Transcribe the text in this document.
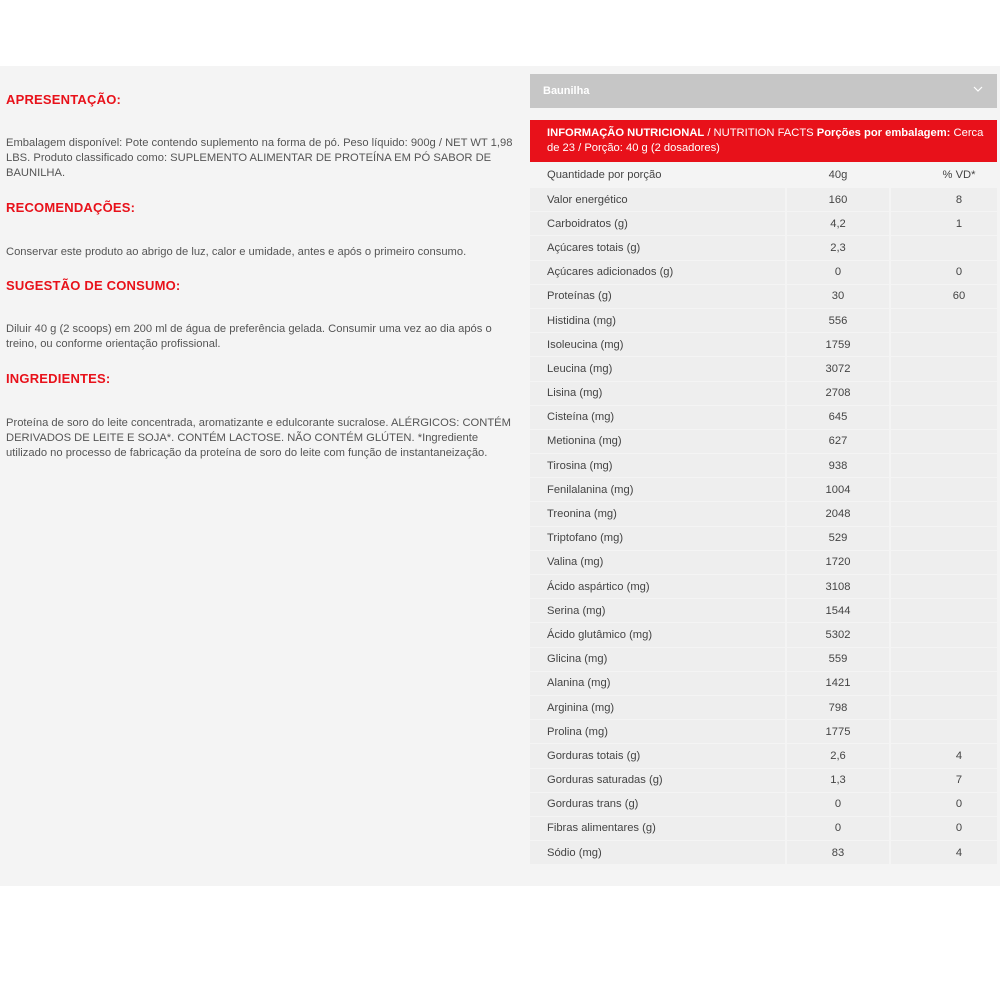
APRESENTAÇÃO:
Embalagem disponível: Pote contendo suplemento na forma de pó. Peso líquido: 900g / NET WT 1,98 LBS. Produto classificado como: SUPLEMENTO ALIMENTAR DE PROTEÍNA EM PÓ SABOR DE BAUNILHA.
RECOMENDAÇÕES:
Conservar este produto ao abrigo de luz, calor e umidade, antes e após o primeiro consumo.
SUGESTÃO DE CONSUMO:
Diluir 40 g (2 scoops) em 200 ml de água de preferência gelada. Consumir uma vez ao dia após o treino, ou conforme orientação profissional.
INGREDIENTES:
Proteína de soro do leite concentrada, aromatizante e edulcorante sucralose. ALÉRGICOS: CONTÉM DERIVADOS DE LEITE E SOJA*. CONTÉM LACTOSE. NÃO CONTÉM GLÚTEN. *Ingrediente utilizado no processo de fabricação da proteína de soro do leite com função de instantaneização.
Baunilha
INFORMAÇÃO NUTRICIONAL / NUTRITION FACTS Porções por embalagem: Cerca de 23 / Porção: 40 g (2 dosadores)
Quantidade por porção	40g	% VD*
Valor energético	160	8
Carboidratos (g)	4,2	1
Açúcares totais (g)	2,3	
Açúcares adicionados (g)	0	0
Proteínas (g)	30	60
Histidina (mg)	556	
Isoleucina (mg)	1759	
Leucina (mg)	3072	
Lisina (mg)	2708	
Cisteína (mg)	645	
Metionina (mg)	627	
Tirosina (mg)	938	
Fenilalanina (mg)	1004	
Treonina (mg)	2048	
Triptofano (mg)	529	
Valina (mg)	1720	
Ácido aspártico (mg)	3108	
Serina (mg)	1544	
Ácido glutâmico (mg)	5302	
Glicina (mg)	559	
Alanina (mg)	1421	
Arginina (mg)	798	
Prolina (mg)	1775	
Gorduras totais (g)	2,6	4
Gorduras saturadas (g)	1,3	7
Gorduras trans (g)	0	0
Fibras alimentares (g)	0	0
Sódio (mg)	83	4
